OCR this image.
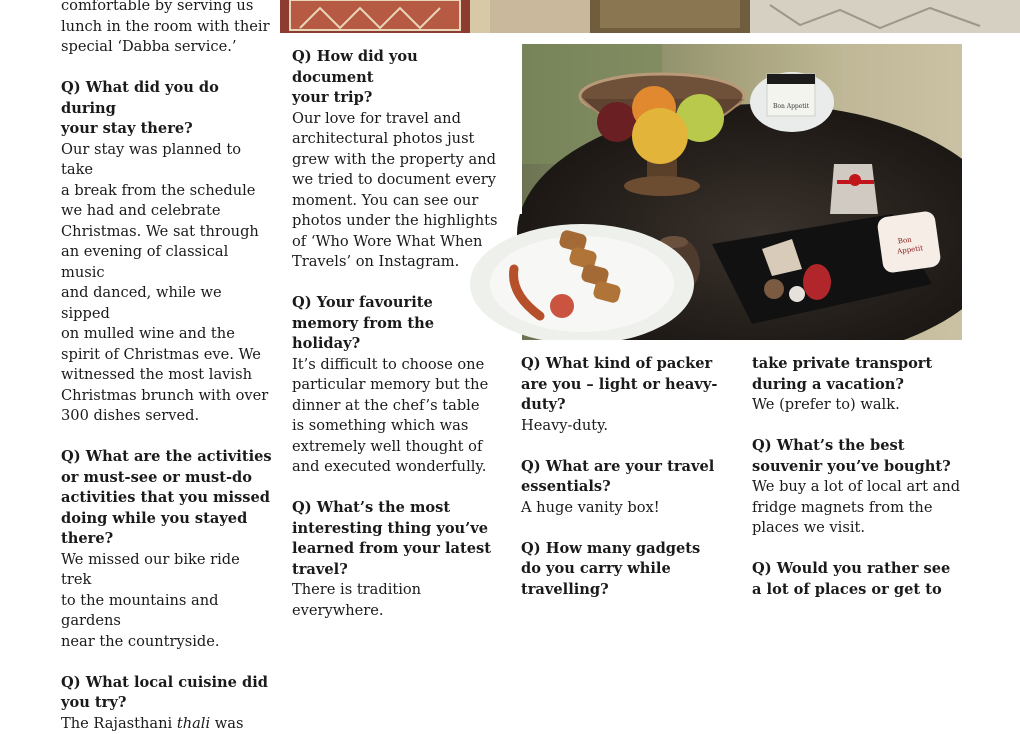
Bon Appetit
Bon
Appetit

comfortable by serving us

lunch in the room with their

special ‘Dabba service.’

Q) What did you do during

your stay there?

Our stay was planned to take

a break from the schedule

we had and celebrate

Christmas. We sat through

an evening of classical music

and danced, while we sipped

on mulled wine and the

spirit of Christmas eve. We

witnessed the most lavish

Christmas brunch with over

300 dishes served.

Q) What are the activities

or must-see or must-do

activities that you missed

doing while you stayed

there?

We missed our bike ride trek

to the mountains and gardens

near the countryside.

Q) What local cuisine did

you try?

The Rajasthani thali was

Q) How did you document

your trip?

Our love for travel and

architectural photos just

grew with the property and

we tried to document every

moment. You can see our

photos under the highlights

of ‘Who Wore What When

Travels’ on Instagram.

Q) Your favourite

memory from the

holiday?

It’s difficult to choose one

particular memory but the

dinner at the chef’s table

is something which was

extremely well thought of

and executed wonderfully.

Q) What’s the most

interesting thing you’ve

learned from your latest

travel?

There is tradition

everywhere.

Q) What kind of packer

are you – light or heavy-

duty?

Heavy-duty.

Q) What are your travel

essentials?

A huge vanity box!

Q) How many gadgets

do you carry while

travelling?

take private transport

during a vacation?

We (prefer to) walk.

Q) What’s the best

souvenir you’ve bought?

We buy a lot of local art and

fridge magnets from the

places we visit.

Q) Would you rather see

a lot of places or get to
